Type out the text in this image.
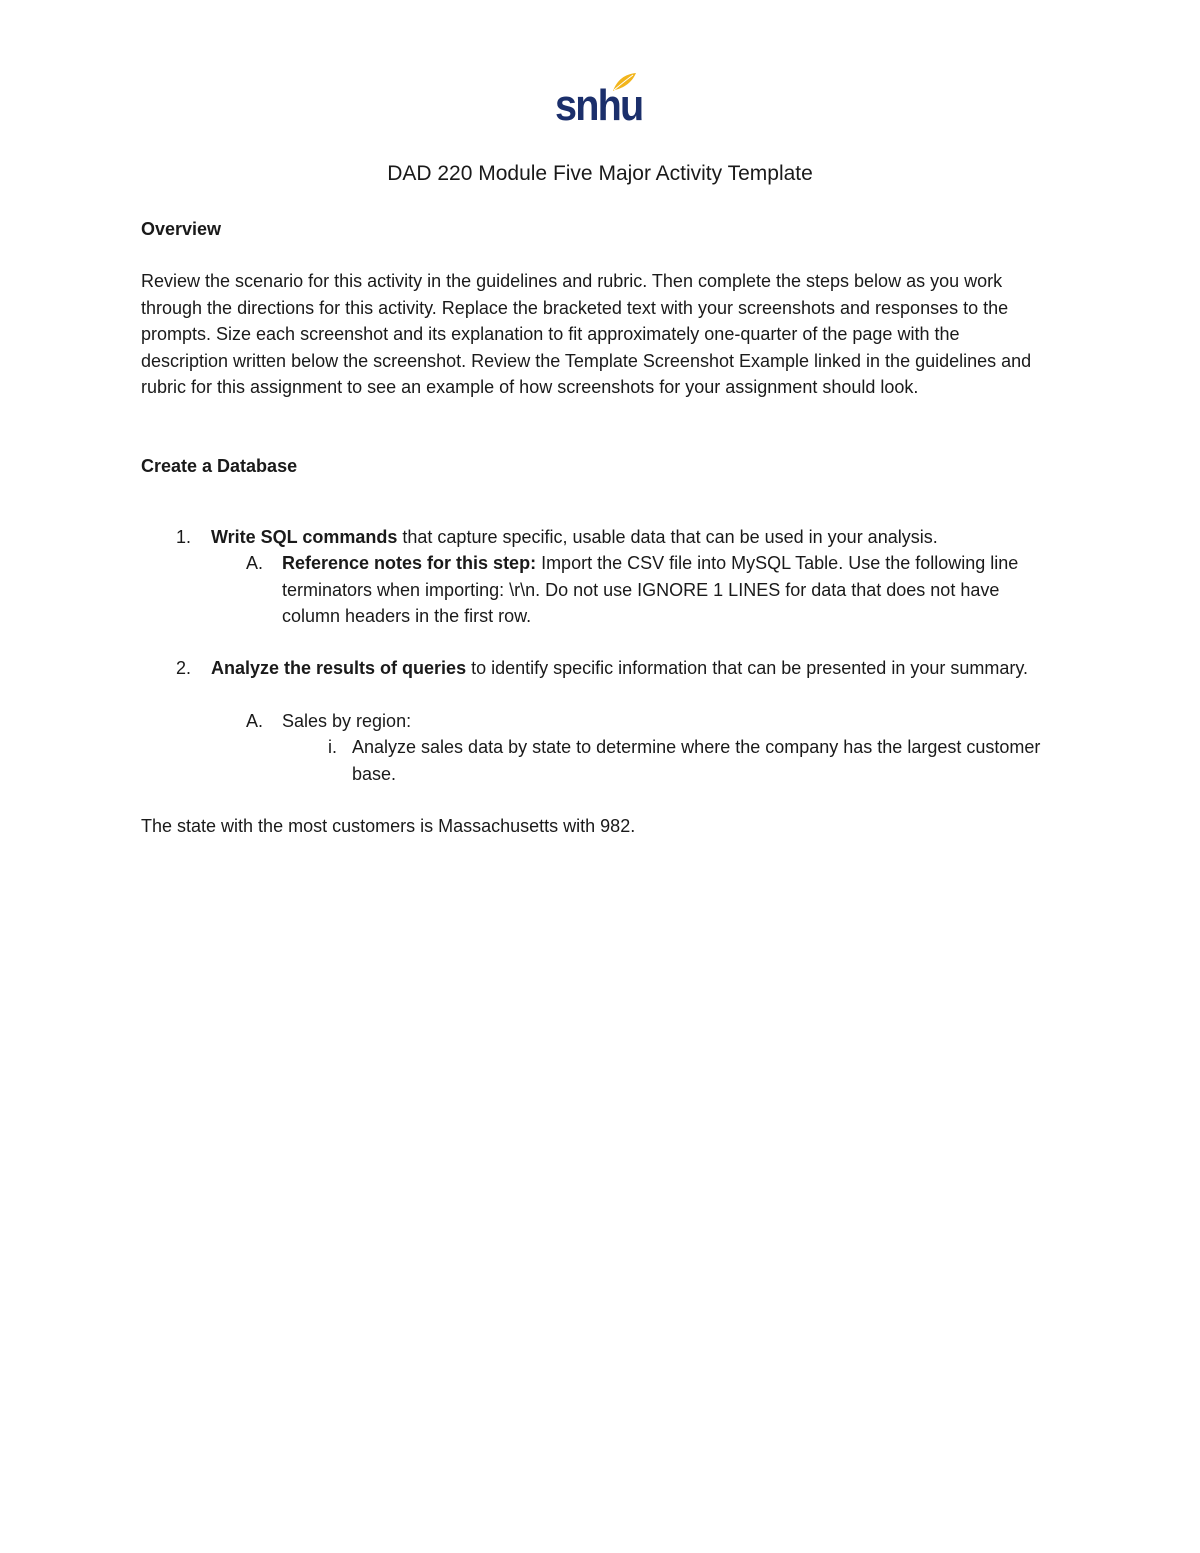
snhu
DAD 220 Module Five Major Activity Template
Overview
Review the scenario for this activity in the guidelines and rubric. Then complete the steps below as you work through the directions for this activity. Replace the bracketed text with your screenshots and responses to the prompts. Size each screenshot and its explanation to fit approximately one-quarter of the page with the description written below the screenshot. Review the Template Screenshot Example linked in the guidelines and rubric for this assignment to see an example of how screenshots for your assignment should look.
Create a Database
1. Write SQL commands that capture specific, usable data that can be used in your analysis.
A. Reference notes for this step: Import the CSV file into MySQL Table. Use the following line terminators when importing: \r\n. Do not use IGNORE 1 LINES for data that does not have column headers in the first row.
2. Analyze the results of queries to identify specific information that can be presented in your summary.
A. Sales by region:
i. Analyze sales data by state to determine where the company has the largest customer base.
The state with the most customers is Massachusetts with 982.
